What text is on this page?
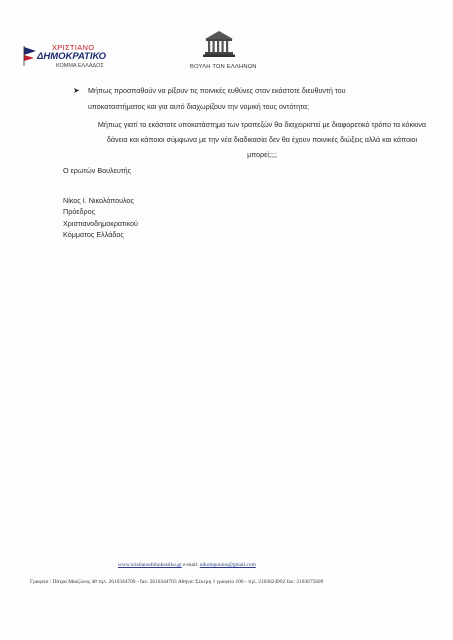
ΧΡΙΣΤΙΑΝΟ
ΔΗΜΟΚΡΑΤΙΚΟ
ΚΟΜΜΑ ΕΛΛΑΔΟΣ	ΒΟΥΛΗ ΤΩΝ ΕΛΛΗΝΩΝ
➤ Μήπως προσπαθούν να ρίξουν τις ποινικές ευθύνες στον εκάστοτε διευθυντή του υποκαταστήματος και για αυτό διαχωρίζουν την νομική τους οντότητα;
Μήπως γιατί το εκάστοτε υποκατάστημα των τραπεζών θα διαχειριστεί με διαφορετικό τρόπο τα κόκκινα δάνεια και κάποιοι σύμφωνα με την νέα διαδικασία δεν θα έχουν ποινικές διώξεις αλλά και κάποιοι μπορεί;;;;
Ο ερωτών Βουλευτής
Νίκος Ι. Νικολόπουλος
Πρόεδρος
Χριστιανοδημοκρατικού
Κόμματος Ελλάδος
www.xristianodimokratiko.gr e-mail: nikolopoulos@gmail.com
Γραφεία : Πάτρα Μαιζώνος 48 τηλ. 2610344700 - fax: 2610344703 Αθήνα: Σέκερη 1 γραφείο 106 - τηλ. 2103624992 fax: 2103675609
